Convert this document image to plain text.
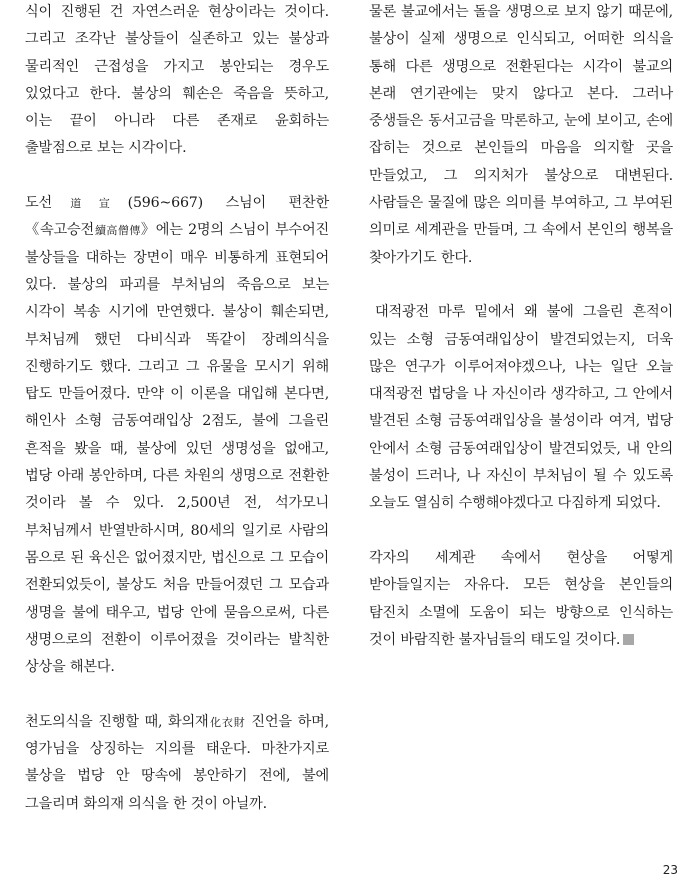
식이 진행된 건 자연스러운 현상이라는 것이다. 그리고 조각난 불상들이 실존하고 있는 불상과 물리적인 근접성을 가지고 봉안되는 경우도 있었다고 한다. 불상의 훼손은 죽음을 뜻하고, 이는 끝이 아니라 다른 존재로 윤회하는 출발점으로 보는 시각이다.

도선道宣(596~667) 스님이 편찬한 《속고승전續高僧傳》에는 2명의 스님이 부수어진 불상들을 대하는 장면이 매우 비통하게 표현되어 있다. 불상의 파괴를 부처님의 죽음으로 보는 시각이 복송 시기에 만연했다. 불상이 훼손되면, 부처님께 했던 다비식과 똑같이 장례의식을 진행하기도 했다. 그리고 그 유물을 모시기 위해 탑도 만들어졌다. 만약 이 이론을 대입해 본다면, 해인사 소형 금동여래입상 2점도, 불에 그을린 흔적을 봤을 때, 불상에 있던 생명성을 없애고, 법당 아래 봉안하며, 다른 차원의 생명으로 전환한 것이라 볼 수 있다. 2,500년 전, 석가모니 부처님께서 반열반하시며, 80세의 일기로 사람의 몸으로 된 육신은 없어졌지만, 법신으로 그 모습이 전환되었듯이, 불상도 처음 만들어졌던 그 모습과 생명을 불에 태우고, 법당 안에 묻음으로써, 다른 생명으로의 전환이 이루어졌을 것이라는 발칙한 상상을 해본다.

천도의식을 진행할 때, 화의재化衣財 진언을 하며, 영가님을 상징하는 지의를 태운다. 마찬가지로 불상을 법당 안 땅속에 봉안하기 전에, 불에 그을리며 화의재 의식을 한 것이 아닐까.

물론 불교에서는 돌을 생명으로 보지 않기 때문에, 불상이 실제 생명으로 인식되고, 어떠한 의식을 통해 다른 생명으로 전환된다는 시각이 불교의 본래 연기관에는 맞지 않다고 본다. 그러나 중생들은 동서고금을 막론하고, 눈에 보이고, 손에 잡히는 것으로 본인들의 마음을 의지할 곳을 만들었고, 그 의지처가 불상으로 대변된다. 사람들은 물질에 많은 의미를 부여하고, 그 부여된 의미로 세계관을 만들며, 그 속에서 본인의 행복을 찾아가기도 한다.

대적광전 마루 밑에서 왜 불에 그을린 흔적이 있는 소형 금동여래입상이 발견되었는지, 더욱 많은 연구가 이루어져야겠으나, 나는 일단 오늘 대적광전 법당을 나 자신이라 생각하고, 그 안에서 발견된 소형 금동여래입상을 불성이라 여겨, 법당 안에서 소형 금동여래입상이 발견되었듯, 내 안의 불성이 드러나, 나 자신이 부처님이 될 수 있도록 오늘도 열심히 수행해야겠다고 다짐하게 되었다.

각자의 세계관 속에서 현상을 어떻게 받아들일지는 자유다. 모든 현상을 본인들의 탐진치 소멸에 도움이 되는 방향으로 인식하는 것이 바람직한 불자님들의 태도일 것이다.

23
